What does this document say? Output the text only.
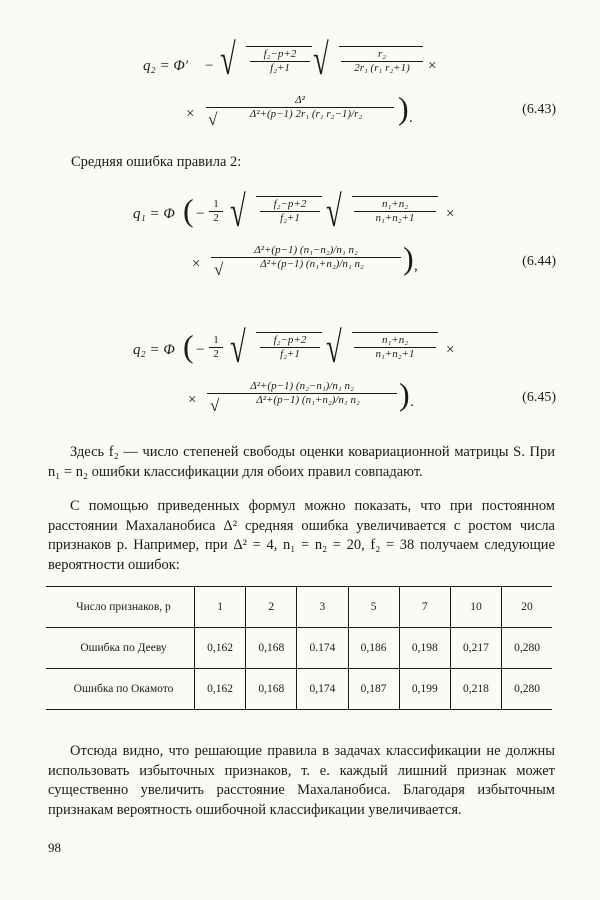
q₂ = Φ′ − √ $\frac{\text{f₂−p+2}}{\text{f₂+1}}$ √ $\frac{\text{r₂}}{\text{2r₁ (r₁ r₂+1)}}$ ×
× $\frac{\text{Δ²}}{\text{Δ²+(p−1) 2r₁ (r₁ r₂−1)/r₂}}$
√	) .
(6.43)
Средняя ошибка правила 2:
q₁ = Φ ( − $\frac{1}{2}$ √ $\frac{\text{f₂−p+2}}{\text{f₂+1}}$ √ $\frac{\text{n₁+n₂}}{\text{n₁+n₂+1}}$ ×
× $\frac{\text{Δ²+(p−1) (n₁−n₂)/n₁ n₂}}{\text{Δ²+(p−1) (n₁+n₂)/n₁ n₂}}$
√	) ,	(6.44)
q₂ = Φ ( − $\frac{1}{2}$ √ $\frac{\text{f₂−p+2}}{\text{f₂+1}}$ √ $\frac{\text{n₁+n₂}}{\text{n₁+n₂+1}}$ ×
× $\frac{\text{Δ²+(p−1) (n₂−n₁)/n₁ n₂}}{\text{Δ²+(p−1) (n₁+n₂)/n₁ n₂}}$
√	) .	(6.45)
Здесь f₂ — число степеней свободы оценки ковариационной матрицы S. При n₁ = n₂ ошибки классификации для обоих правил совпадают.
С помощью приведенных формул можно показать, что при постоянном расстоянии Махаланобиса Δ² средняя ошибка увеличивается с ростом числа признаков p. Например, при Δ² = 4, n₁ = n₂ = 20, f₂ = 38 получаем следующие вероятности ошибок:
Число признаков, p	1	2	3	5	7	10	20
Ошибка по Дееву	0,162	0,168	0.174	0,186	0,198	0,217	0,280
Ошибка по Окамото	0,162	0,168	0,174	0,187	0,199	0,218	0,280
Отсюда видно, что решающие правила в задачах классификации не должны использовать избыточных признаков, т. е. каждый лишний признак может существенно увеличить расстояние Махаланобиса. Благодаря избыточным признакам вероятность ошибочной классификации увеличивается.
98
